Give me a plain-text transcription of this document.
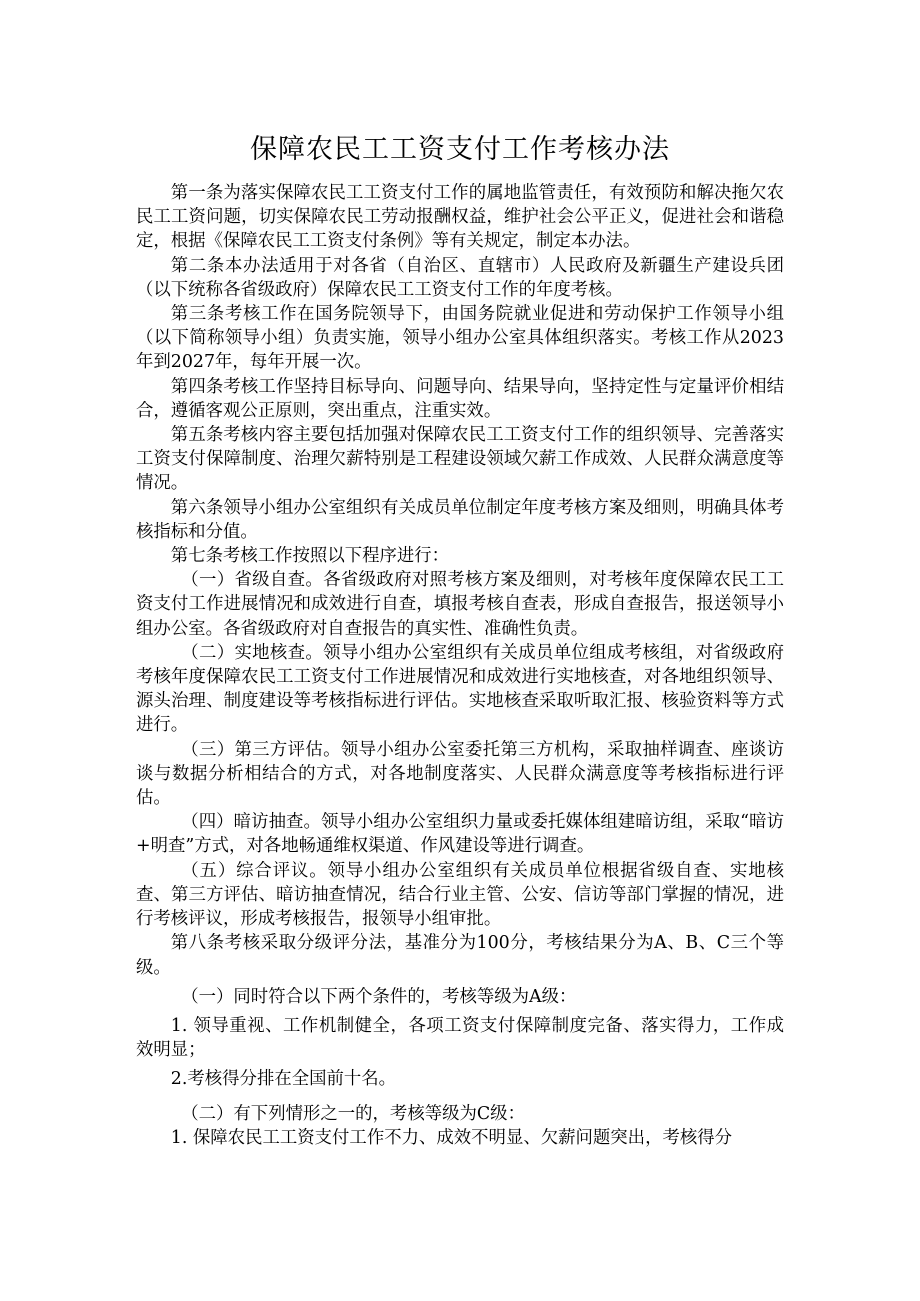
保障农民工工资支付工作考核办法

第一条为落实保障农民工工资支付工作的属地监管责任，有效预防和解决拖欠农民工工资问题，切实保障农民工劳动报酬权益，维护社会公平正义，促进社会和谐稳定，根据《保障农民工工资支付条例》等有关规定，制定本办法。

第二条本办法适用于对各省（自治区、直辖市）人民政府及新疆生产建设兵团（以下统称各省级政府）保障农民工工资支付工作的年度考核。

第三条考核工作在国务院领导下，由国务院就业促进和劳动保护工作领导小组（以下简称领导小组）负责实施，领导小组办公室具体组织落实。考核工作从2023年到2027年，每年开展一次。

第四条考核工作坚持目标导向、问题导向、结果导向，坚持定性与定量评价相结合，遵循客观公正原则，突出重点，注重实效。

第五条考核内容主要包括加强对保障农民工工资支付工作的组织领导、完善落实工资支付保障制度、治理欠薪特别是工程建设领域欠薪工作成效、人民群众满意度等情况。

第六条领导小组办公室组织有关成员单位制定年度考核方案及细则，明确具体考核指标和分值。

第七条考核工作按照以下程序进行：

（一）省级自查。各省级政府对照考核方案及细则，对考核年度保障农民工工资支付工作进展情况和成效进行自查，填报考核自查表，形成自查报告，报送领导小组办公室。各省级政府对自查报告的真实性、准确性负责。

（二）实地核查。领导小组办公室组织有关成员单位组成考核组，对省级政府考核年度保障农民工工资支付工作进展情况和成效进行实地核查，对各地组织领导、源头治理、制度建设等考核指标进行评估。实地核查采取听取汇报、核验资料等方式进行。

（三）第三方评估。领导小组办公室委托第三方机构，采取抽样调查、座谈访谈与数据分析相结合的方式，对各地制度落实、人民群众满意度等考核指标进行评估。

（四）暗访抽查。领导小组办公室组织力量或委托媒体组建暗访组，采取“暗访+明查”方式，对各地畅通维权渠道、作风建设等进行调查。

（五）综合评议。领导小组办公室组织有关成员单位根据省级自查、实地核查、第三方评估、暗访抽查情况，结合行业主管、公安、信访等部门掌握的情况，进行考核评议，形成考核报告，报领导小组审批。

第八条考核采取分级评分法，基准分为100分，考核结果分为A、B、C三个等级。

（一）同时符合以下两个条件的，考核等级为A级：

1. 领导重视、工作机制健全，各项工资支付保障制度完备、落实得力，工作成效明显；

2.考核得分排在全国前十名。

（二）有下列情形之一的，考核等级为C级：

1. 保障农民工工资支付工作不力、成效不明显、欠薪问题突出，考核得分
